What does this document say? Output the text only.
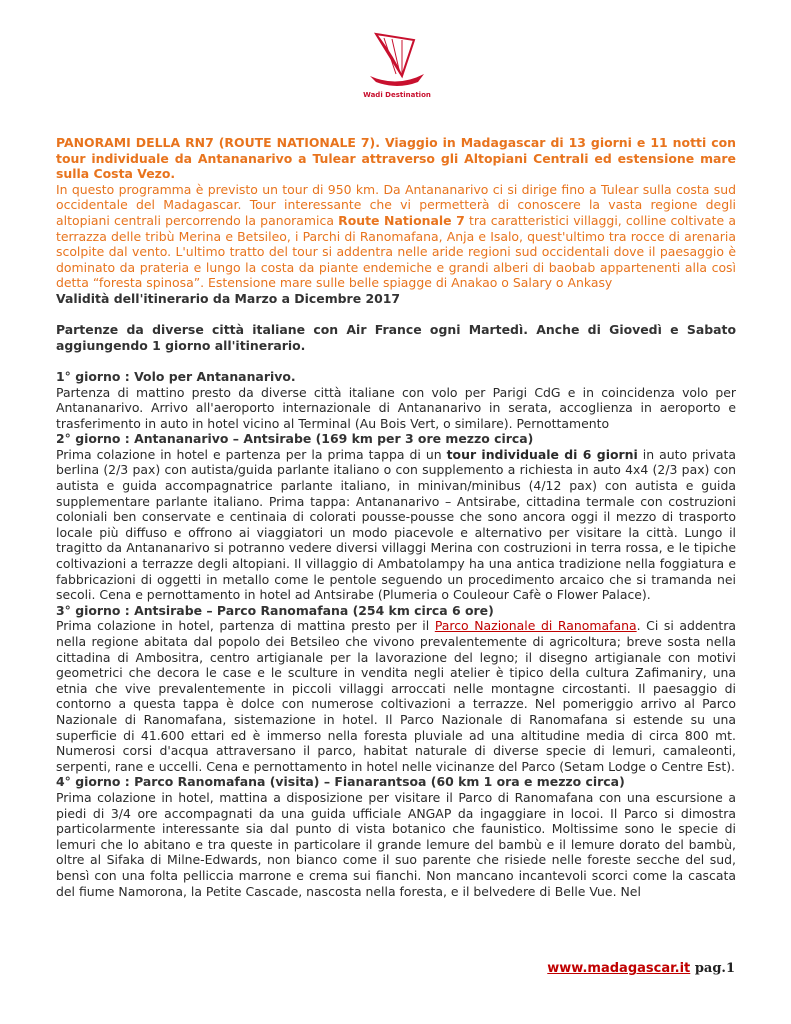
Wadi Destination

PANORAMI DELLA RN7 (ROUTE NATIONALE 7). Viaggio in Madagascar di 13 giorni e 11 notti con tour individuale da Antananarivo a Tulear attraverso gli Altopiani Centrali ed estensione mare sulla Costa Vezo.

In questo programma è previsto un tour di 950 km. Da Antananarivo ci si dirige fino a Tulear sulla costa sud occidentale del Madagascar. Tour interessante che vi permetterà di conoscere la vasta regione degli altopiani centrali percorrendo la panoramica Route Nationale 7 tra caratteristici villaggi, colline coltivate a terrazza delle tribù Merina e Betsileo, i Parchi di Ranomafana, Anja e Isalo, quest'ultimo tra rocce di arenaria scolpite dal vento. L'ultimo tratto del tour si addentra nelle aride regioni sud occidentali dove il paesaggio è dominato da prateria e lungo la costa da piante endemiche e grandi alberi di baobab appartenenti alla così detta “foresta spinosa”. Estensione mare sulle belle spiagge di Anakao o Salary o Ankasy

Validità dell'itinerario da Marzo a Dicembre 2017

Partenze da diverse città italiane con Air France ogni Martedì. Anche di Giovedì e Sabato aggiungendo 1 giorno all'itinerario.

1° giorno : Volo per Antananarivo.

Partenza di mattino presto da diverse città italiane con volo per Parigi CdG e in coincidenza volo per Antananarivo. Arrivo all'aeroporto internazionale di Antananarivo in serata, accoglienza in aeroporto e trasferimento in auto in hotel vicino al Terminal (Au Bois Vert, o similare). Pernottamento

2° giorno : Antananarivo – Antsirabe (169 km per 3 ore mezzo circa)

Prima colazione in hotel e partenza per la prima tappa di un tour individuale di 6 giorni in auto privata berlina (2/3 pax) con autista/guida parlante italiano o con supplemento a richiesta in auto 4x4 (2/3 pax) con autista e guida accompagnatrice parlante italiano, in minivan/minibus (4/12 pax) con autista e guida supplementare parlante italiano. Prima tappa: Antananarivo – Antsirabe, cittadina termale con costruzioni coloniali ben conservate e centinaia di colorati pousse-pousse che sono ancora oggi il mezzo di trasporto locale più diffuso e offrono ai viaggiatori un modo piacevole e alternativo per visitare la città. Lungo il tragitto da Antananarivo si potranno vedere diversi villaggi Merina con costruzioni in terra rossa, e le tipiche coltivazioni a terrazze degli altopiani. Il villaggio di Ambatolampy ha una antica tradizione nella foggiatura e fabbricazioni di oggetti in metallo come le pentole seguendo un procedimento arcaico che si tramanda nei secoli. Cena e pernottamento in hotel ad Antsirabe (Plumeria o Couleour Cafè o Flower Palace).

3° giorno : Antsirabe – Parco Ranomafana (254 km circa 6 ore)

Prima colazione in hotel, partenza di mattina presto per il Parco Nazionale di Ranomafana. Ci si addentra nella regione abitata dal popolo dei Betsileo che vivono prevalentemente di agricoltura; breve sosta nella cittadina di Ambositra, centro artigianale per la lavorazione del legno; il disegno artigianale con motivi geometrici che decora le case e le sculture in vendita negli atelier è tipico della cultura Zafimaniry, una etnia che vive prevalentemente in piccoli villaggi arroccati nelle montagne circostanti. Il paesaggio di contorno a questa tappa è dolce con numerose coltivazioni a terrazze. Nel pomeriggio arrivo al Parco Nazionale di Ranomafana, sistemazione in hotel. Il Parco Nazionale di Ranomafana si estende su una superficie di 41.600 ettari ed è immerso nella foresta pluviale ad una altitudine media di circa 800 mt. Numerosi corsi d'acqua attraversano il parco, habitat naturale di diverse specie di lemuri, camaleonti, serpenti, rane e uccelli. Cena e pernottamento in hotel nelle vicinanze del Parco (Setam Lodge o Centre Est).

4° giorno : Parco Ranomafana (visita) – Fianarantsoa (60 km 1 ora e mezzo circa)

Prima colazione in hotel, mattina a disposizione per visitare il Parco di Ranomafana con una escursione a piedi di 3/4 ore accompagnati da una guida ufficiale ANGAP da ingaggiare in locoi. Il Parco si dimostra particolarmente interessante sia dal punto di vista botanico che faunistico. Moltissime sono le specie di lemuri che lo abitano e tra queste in particolare il grande lemure del bambù e il lemure dorato del bambù, oltre al Sifaka di Milne-Edwards, non bianco come il suo parente che risiede nelle foreste secche del sud, bensì con una folta pelliccia marrone e crema sui fianchi. Non mancano incantevoli scorci come la cascata del fiume Namorona, la Petite Cascade, nascosta nella foresta, e il belvedere di Belle Vue. Nel

www.madagascar.it pag.1
